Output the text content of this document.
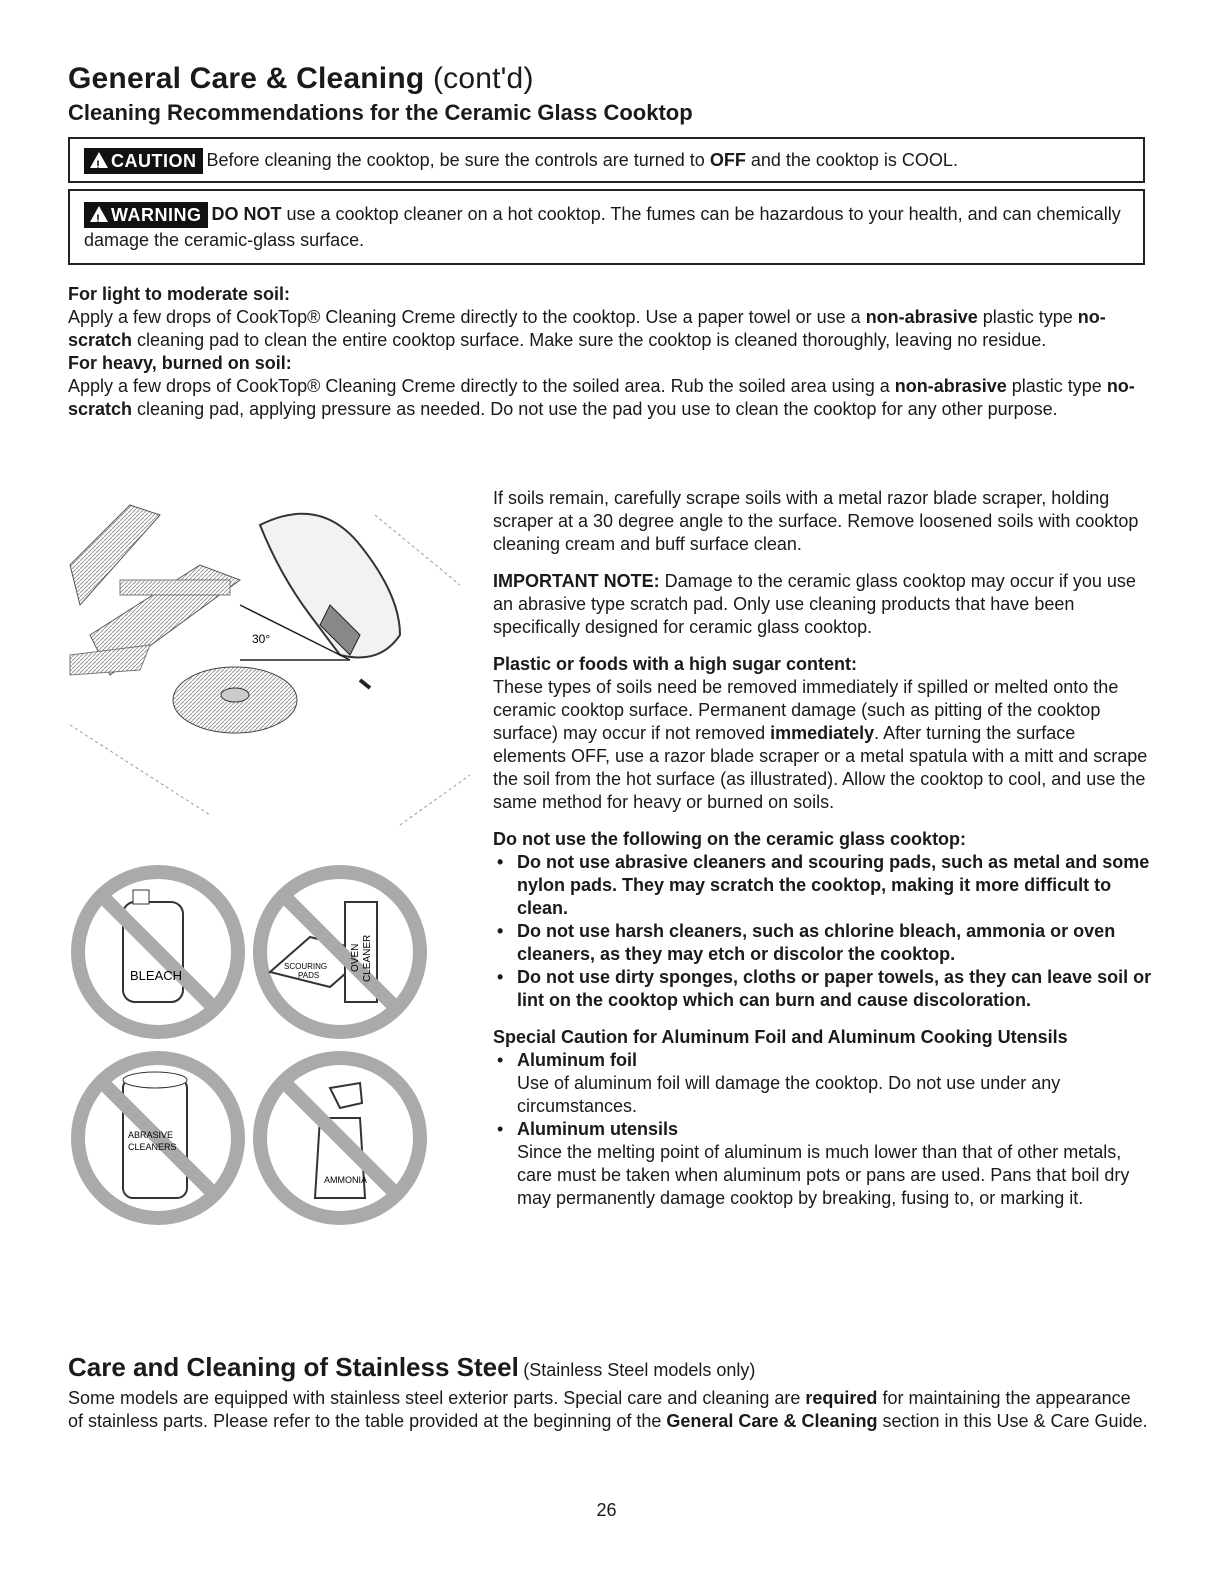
General Care & Cleaning (cont'd)
Cleaning Recommendations for the Ceramic Glass Cooktop
!CAUTION Before cleaning the cooktop, be sure the controls are turned to OFF and the cooktop is COOL.
!WARNING DO NOT use a cooktop cleaner on a hot cooktop. The fumes can be hazardous to your health, and can chemically damage the ceramic-glass surface.
For light to moderate soil:
Apply a few drops of CookTop® Cleaning Creme directly to the cooktop. Use a paper towel or use a non-abrasive plastic type no-scratch cleaning pad to clean the entire cooktop surface. Make sure the cooktop is cleaned thoroughly, leaving no residue.
For heavy, burned on soil:
Apply a few drops of CookTop® Cleaning Creme directly to the soiled area. Rub the soiled area using a non-abrasive plastic type no-scratch cleaning pad, applying pressure as needed. Do not use the pad you use to clean the cooktop for any other purpose.
30°
BLEACH
SCOURING
PADS
OVEN CLEANER
ABRASIVE
CLEANERS
AMMONIA
If soils remain, carefully scrape soils with a metal razor blade scraper, holding scraper at a 30 degree angle to the surface. Remove loosened soils with cooktop cleaning cream and buff surface clean.
IMPORTANT NOTE: Damage to the ceramic glass cooktop may occur if you use an abrasive type scratch pad. Only use cleaning products that have been specifically designed for ceramic glass cooktop.
Plastic or foods with a high sugar content:
These types of soils need be removed immediately if spilled or melted onto the ceramic cooktop surface. Permanent damage (such as pitting of the cooktop surface) may occur if not removed immediately. After turning the surface elements OFF, use a razor blade scraper or a metal spatula with a mitt and scrape the soil from the hot surface (as illustrated). Allow the cooktop to cool, and use the same method for heavy or burned on soils.
Do not use the following on the ceramic glass cooktop:
• Do not use abrasive cleaners and scouring pads, such as metal and some nylon pads. They may scratch the cooktop, making it more difficult to clean.
• Do not use harsh cleaners, such as chlorine bleach, ammonia or oven cleaners, as they may etch or discolor the cooktop.
• Do not use dirty sponges, cloths or paper towels, as they can leave soil or lint on the cooktop which can burn and cause discoloration.
Special Caution for Aluminum Foil and Aluminum Cooking Utensils
• Aluminum foil
Use of aluminum foil will damage the cooktop. Do not use under any circumstances.
• Aluminum utensils
Since the melting point of aluminum is much lower than that of other metals, care must be taken when aluminum pots or pans are used. Pans that boil dry may permanently damage cooktop by breaking, fusing to, or marking it.
Care and Cleaning of Stainless Steel (Stainless Steel models only)
Some models are equipped with stainless steel exterior parts. Special care and cleaning are required for maintaining the appearance of stainless parts. Please refer to the table provided at the beginning of the General Care & Cleaning section in this Use & Care Guide.
26
